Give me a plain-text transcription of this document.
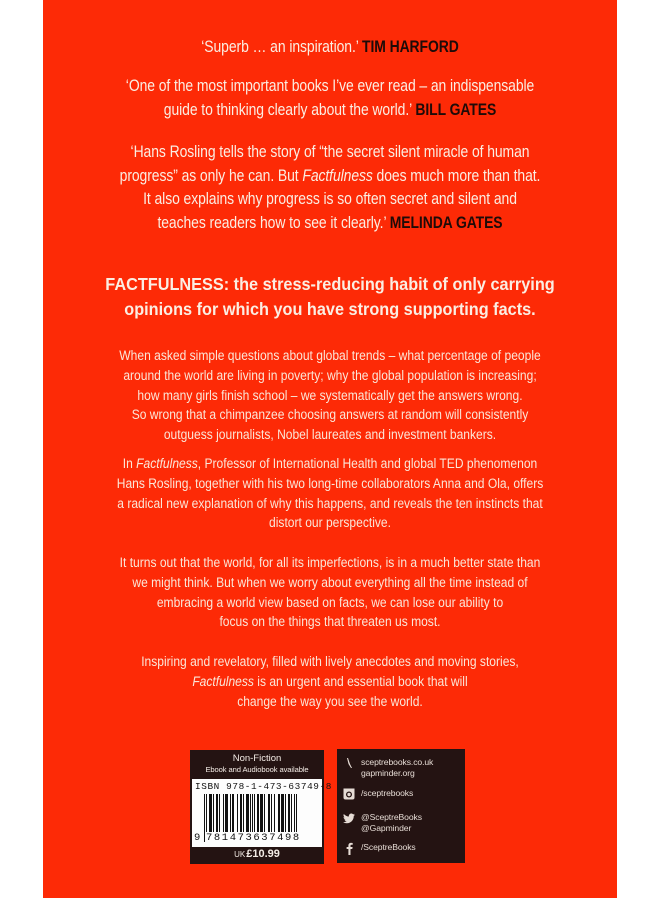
‘Superb … an inspiration.’ TIM HARFORD
‘One of the most important books I’ve ever read – an indispensable
guide to thinking clearly about the world.’ BILL GATES
‘Hans Rosling tells the story of “the secret silent miracle of human
progress” as only he can. But Factfulness does much more than that.
It also explains why progress is so often secret and silent and
teaches readers how to see it clearly.’ MELINDA GATES
FACTFULNESS: the stress-reducing habit of only carrying
opinions for which you have strong supporting facts.
When asked simple questions about global trends – what percentage of people
around the world are living in poverty; why the global population is increasing;
how many girls finish school – we systematically get the answers wrong.
So wrong that a chimpanzee choosing answers at random will consistently
outguess journalists, Nobel laureates and investment bankers.
In Factfulness, Professor of International Health and global TED phenomenon
Hans Rosling, together with his two long-time collaborators Anna and Ola, offers
a radical new explanation of why this happens, and reveals the ten instincts that
distort our perspective.
It turns out that the world, for all its imperfections, is in a much better state than
we might think. But when we worry about everything all the time instead of
embracing a world view based on facts, we can lose our ability to
focus on the things that threaten us most.
Inspiring and revelatory, filled with lively anecdotes and moving stories,
Factfulness is an urgent and essential book that will
change the way you see the world.
Non-Fiction
Ebook and Audiobook available
ISBN 978-1-473-63749-8
9 781473637498
UK£10.99
sceptrebooks.co.uk
gapminder.org
/sceptrebooks
@SceptreBooks
@Gapminder
/SceptreBooks
